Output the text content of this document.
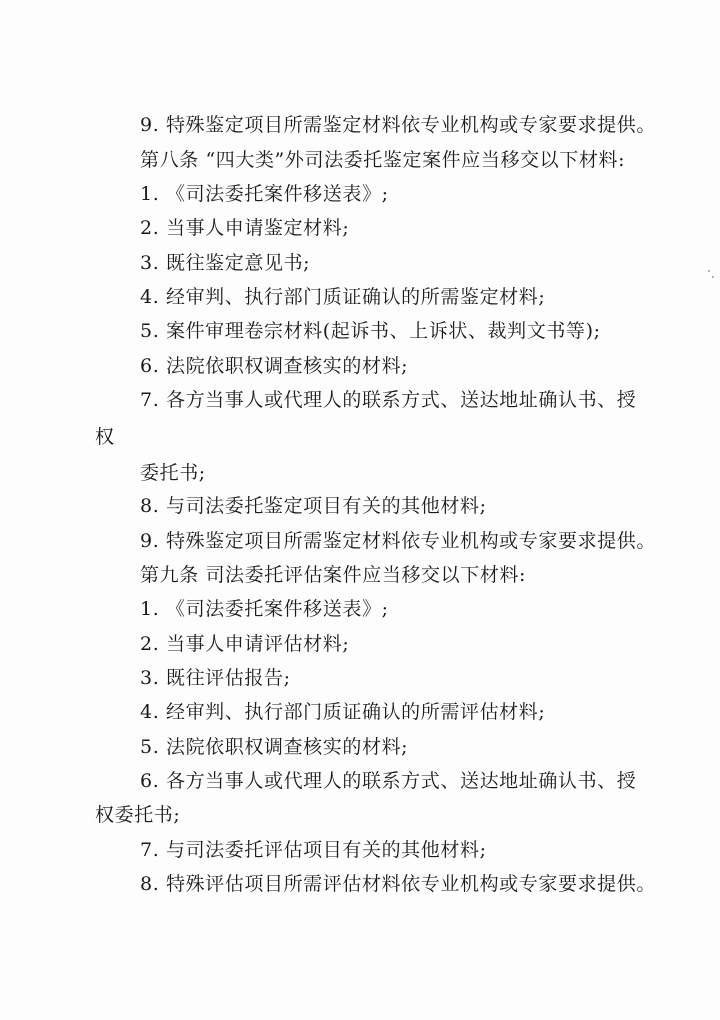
9. 特殊鉴定项目所需鉴定材料依专业机构或专家要求提供。
第八条 “四大类”外司法委托鉴定案件应当移交以下材料:
1. 《司法委托案件移送表》;
2. 当事人申请鉴定材料;
3. 既往鉴定意见书;
4. 经审判、执行部门质证确认的所需鉴定材料;
5. 案件审理卷宗材料(起诉书、上诉状、裁判文书等);
6. 法院依职权调查核实的材料;
7. 各方当事人或代理人的联系方式、送达地址确认书、授
权
委托书;
8. 与司法委托鉴定项目有关的其他材料;
9. 特殊鉴定项目所需鉴定材料依专业机构或专家要求提供。
第九条 司法委托评估案件应当移交以下材料:
1. 《司法委托案件移送表》;
2. 当事人申请评估材料;
3. 既往评估报告;
4. 经审判、执行部门质证确认的所需评估材料;
5. 法院依职权调查核实的材料;
6. 各方当事人或代理人的联系方式、送达地址确认书、授
权委托书;
7. 与司法委托评估项目有关的其他材料;
8. 特殊评估项目所需评估材料依专业机构或专家要求提供。
